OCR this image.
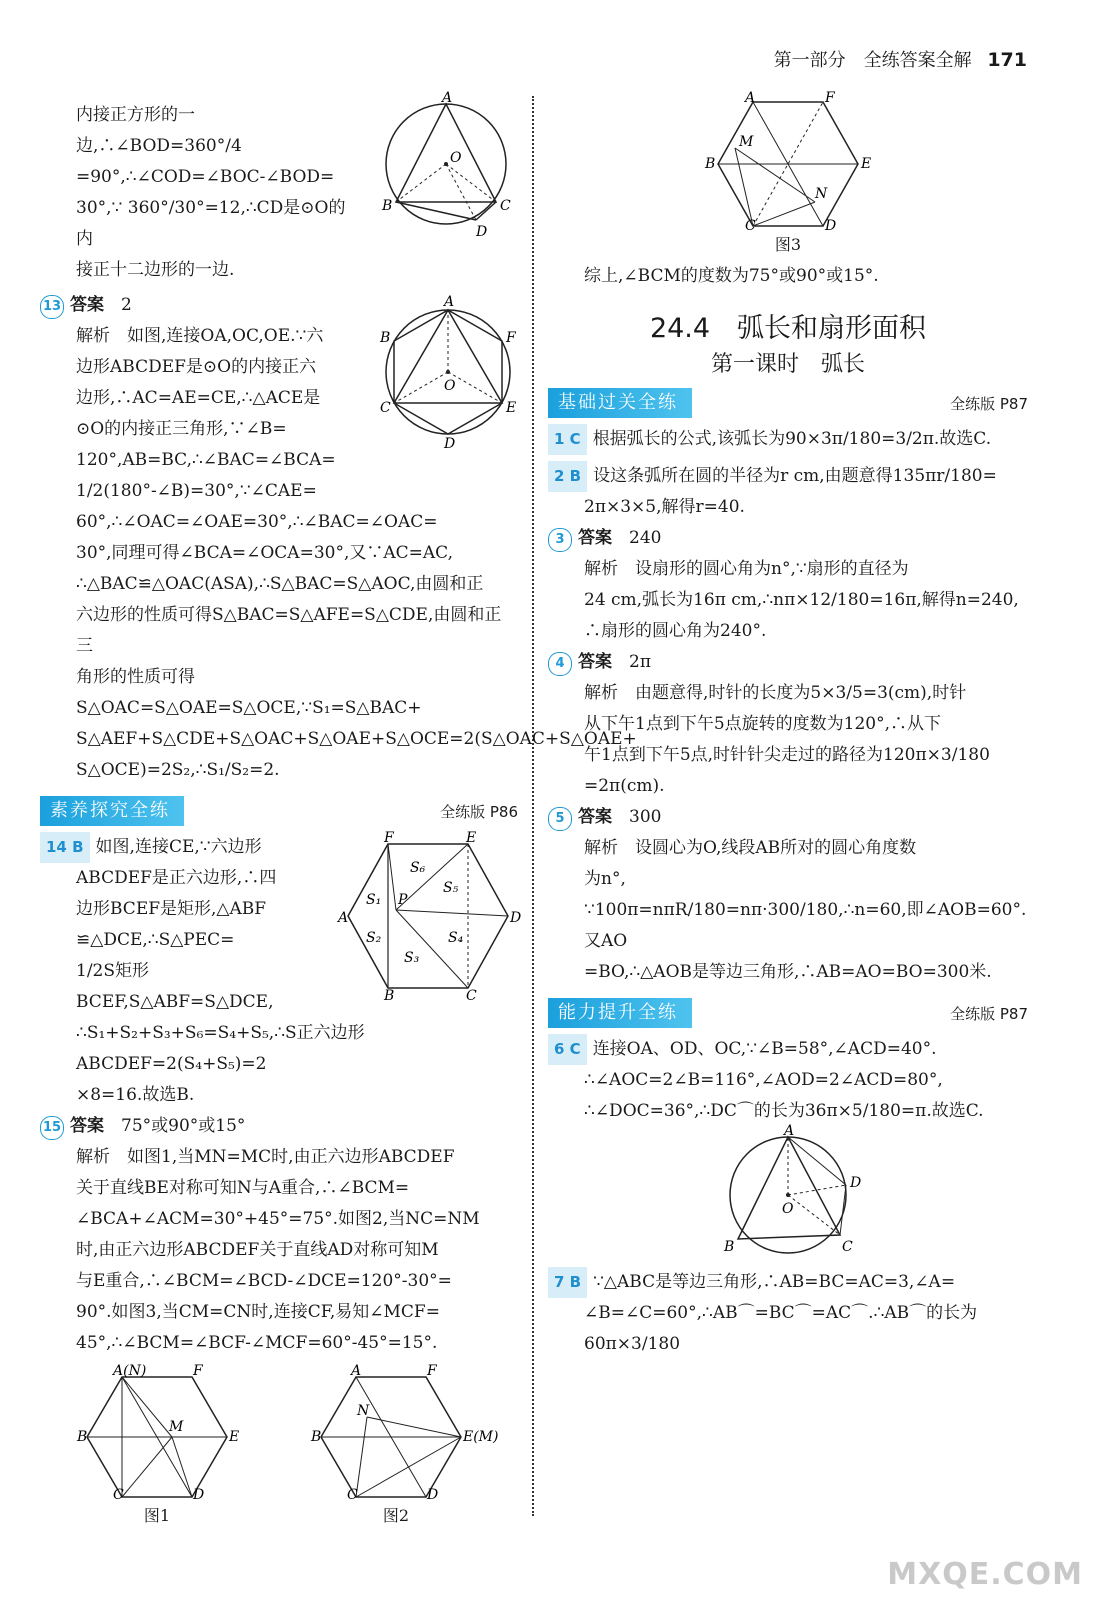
第一部分　全练答案全解 171

内接正方形的一边,∴∠BOD=360°/4

=90°,∴∠COD=∠BOC-∠BOD=

30°,∵ 360°/30°=12,∴CD是⊙O的内

接正十二边形的一边.

A
B	C
D
O

13 答案　 2

解析　如图,连接OA,OC,OE.∵六

边形ABCDEF是⊙O的内接正六

边形,∴AC=AE=CE,∴△ACE是

⊙O的内接正三角形,∵∠B=

120°,AB=BC,∴∠BAC=∠BCA=

1/2(180°-∠B)=30°,∵∠CAE=

A
B
C
D
E
F
O

60°,∴∠OAC=∠OAE=30°,∴∠BAC=∠OAC=

30°,同理可得∠BCA=∠OCA=30°,又∵AC=AC,

∴△BAC≌△OAC(ASA),∴S△BAC=S△AOC,由圆和正

六边形的性质可得S△BAC=S△AFE=S△CDE,由圆和正三

角形的性质可得S△OAC=S△OAE=S△OCE,∵S₁=S△BAC+

S△AEF+S△CDE+S△OAC+S△OAE+S△OCE=2(S△OAC+S△OAE+

S△OCE)=2S₂,∴S₁/S₂=2.

素养探究全练	全练版 P86

14 B 如图,连接CE,∵六边形

ABCDEF是正六边形,∴四

边形BCEF是矩形,△ABF

≌△DCE,∴S△PEC=

1/2S矩形BCEF,S△ABF=S△DCE,

F	E
D
C
B
A
P
S₆
S₅
S₁
S₂
S₃
S₄

∴S₁+S₂+S₃+S₆=S₄+S₅,∴S正六边形ABCDEF=2(S₄+S₅)=2

×8=16.故选B.

15 答案　 75°或90°或15°

解析　如图1,当MN=MC时,由正六边形ABCDEF

关于直线BE对称可知N与A重合,∴∠BCM=

∠BCA+∠ACM=30°+45°=75°.如图2,当NC=NM

时,由正六边形ABCDEF关于直线AD对称可知M

与E重合,∴∠BCM=∠BCD-∠DCE=120°-30°=

90°.如图3,当CM=CN时,连接CF,易知∠MCF=

45°,∴∠BCM=∠BCF-∠MCF=60°-45°=15°.

A(N)	F
B	E
M
C	D
图1
A	F
B	E(M)
N
C	D
图2
A	F
B	E
M
N
C	D
图3

综上,∠BCM的度数为75°或90°或15°.

24.4　弧长和扇形面积
第一课时　弧长
基础过关全练	全练版 P87

1 C 根据弧长的公式,该弧长为90×3π/180=3/2π.故选C.

2 B 设这条弧所在圆的半径为r cm,由题意得135πr/180=

2π×3×5,解得r=40.

3 答案　 240

解析　设扇形的圆心角为n°,∵扇形的直径为

24 cm,弧长为16π cm,∴nπ×12/180=16π,解得n=240,

∴扇形的圆心角为240°.

4 答案　 2π

解析　由题意得,时针的长度为5×3/5=3(cm),时针

从下午1点到下午5点旋转的度数为120°,∴从下

午1点到下午5点,时针针尖走过的路径为120π×3/180

=2π(cm).

5 答案　 300

解析　设圆心为O,线段AB所对的圆心角度数

为n°,

∵100π=nπR/180=nπ·300/180,∴n=60,即∠AOB=60°.又AO

=BO,∴△AOB是等边三角形,∴AB=AO=BO=300米.

能力提升全练	全练版 P87

6 C 连接OA、OD、OC,∵∠B=58°,∠ACD=40°.

∴∠AOC=2∠B=116°,∠AOD=2∠ACD=80°,

∴∠DOC=36°,∴DC⌒的长为36π×5/180=π.故选C.

A
B	C
D
O

7 B ∵△ABC是等边三角形,∴AB=BC=AC=3,∠A=

∠B=∠C=60°,∴AB⌒=BC⌒=AC⌒.∴AB⌒的长为60π×3/180

MXQE.COM
